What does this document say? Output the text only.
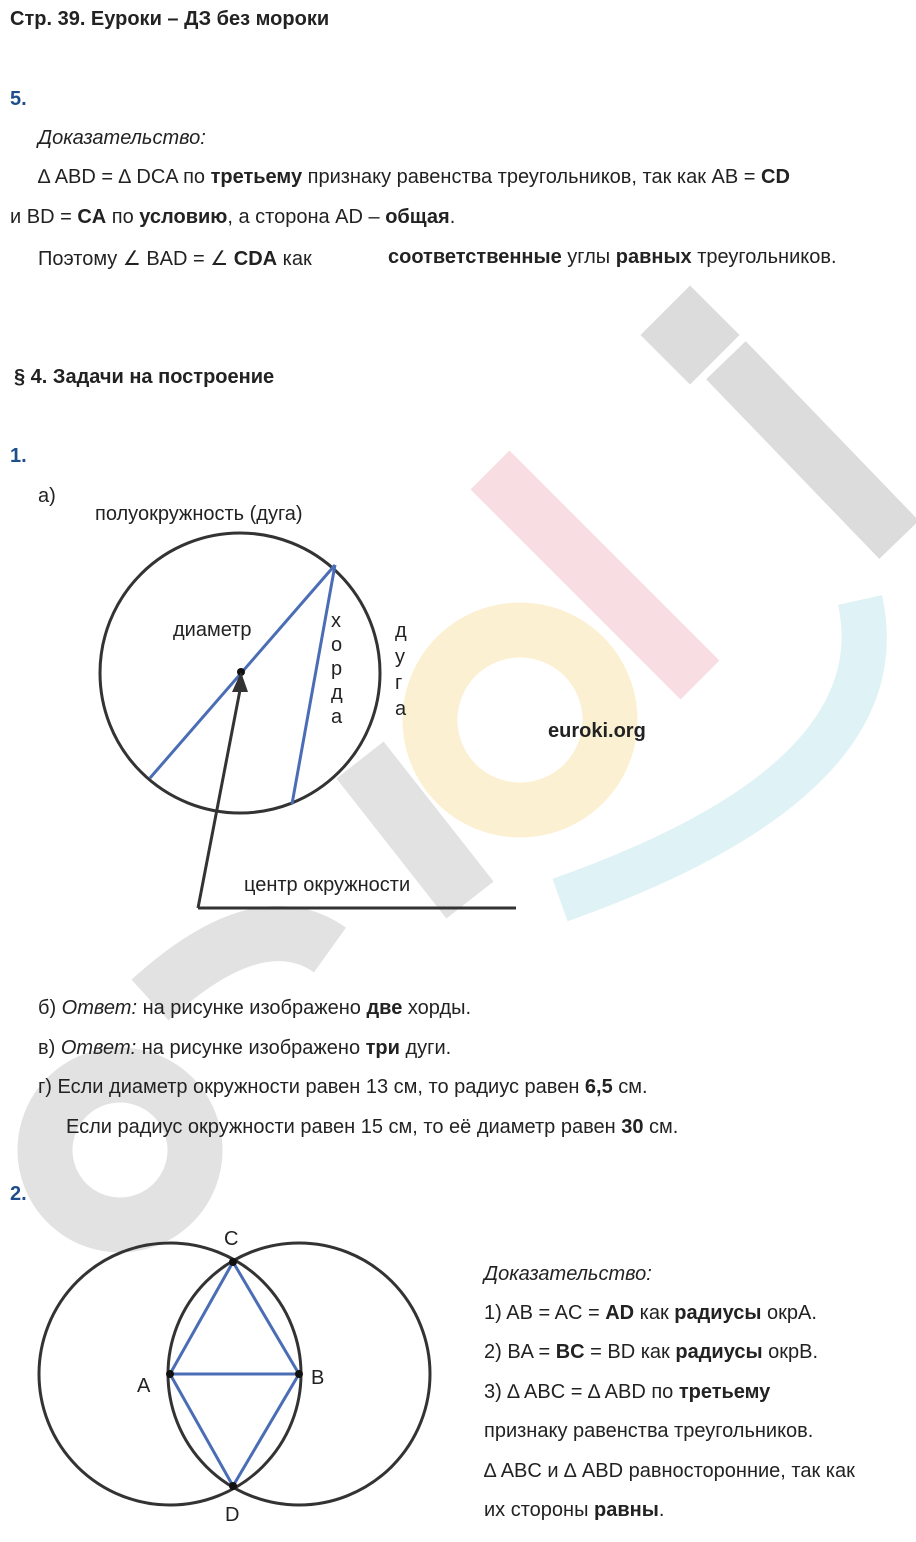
Стр. 39. Еуроки – ДЗ без мороки
5.
Доказательство:
∆ ABD = ∆ DCA по третьему признаку равенства треугольников, так как AB = CD
и BD = CA по условию, а сторона AD – общая.
Поэтому ∠ BAD = ∠ CDA как	соответственные углы равных треугольников.
§ 4. Задачи на построение
1.
а)
полуокружность (дуга)
диаметр	х
о
р
д
а
д
у
г
а
euroki.org
центр окружности
б) Ответ: на рисунке изображено две хорды.
в) Ответ: на рисунке изображено три дуги.
г) Если диаметр окружности равен 13 см, то радиус равен 6,5 см.
Если радиус окружности равен 15 см, то её диаметр равен 30 см.
2.
C
A	B
D
Доказательство:
1) AB = AC = AD как радиусы окрА.
2) BA = BC = BD как радиусы окрВ.
3) ∆ ABC = ∆ ABD по третьему
признаку равенства треугольников.
∆ ABC и ∆ ABD равносторонние, так как
их стороны равны.
